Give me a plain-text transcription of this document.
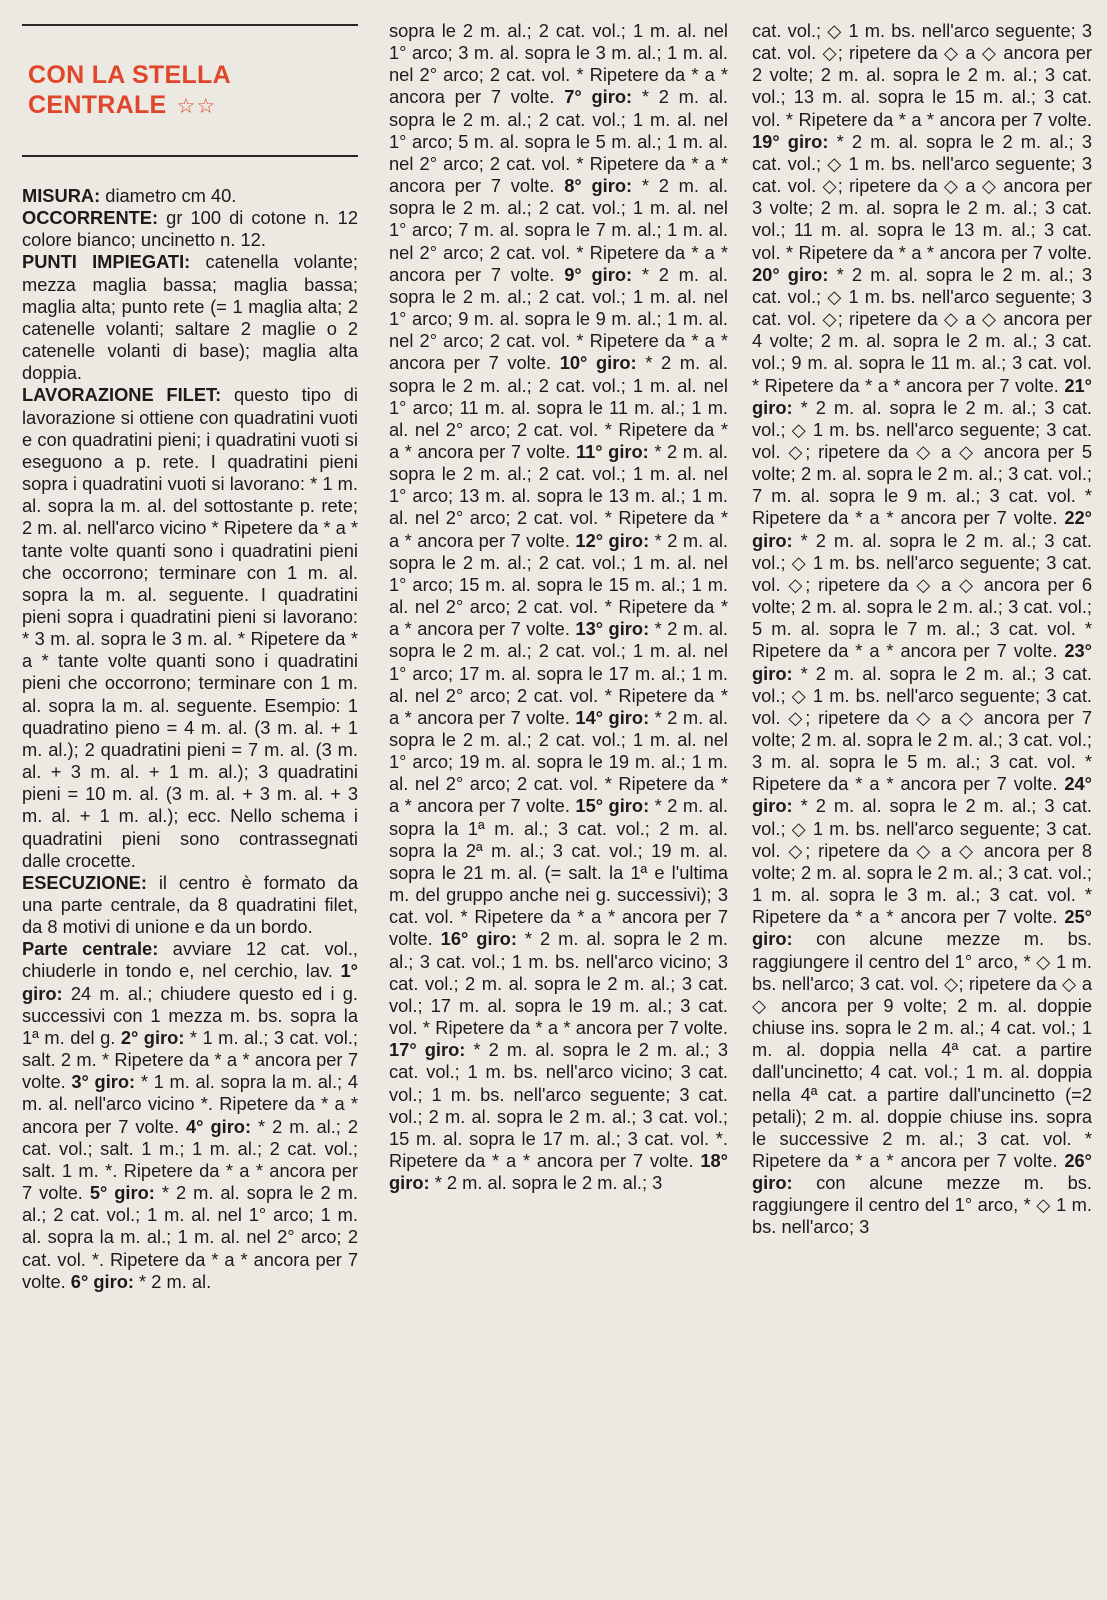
CON LA STELLA
CENTRALE ☆☆

MISURA: diametro cm 40.

OCCORRENTE: gr 100 di cotone n. 12 colore bianco; uncinetto n. 12.

PUNTI IMPIEGATI: catenella volante; mezza maglia bassa; maglia bassa; maglia alta; punto rete (= 1 maglia alta; 2 catenelle volanti; saltare 2 maglie o 2 catenelle volanti di base); maglia alta doppia.

LAVORAZIONE FILET: questo tipo di lavorazione si ottiene con quadratini vuoti e con quadratini pieni; i quadratini vuoti si eseguono a p. rete. I quadratini pieni sopra i quadratini vuoti si lavorano: * 1 m. al. sopra la m. al. del sottostante p. rete; 2 m. al. nell'arco vicino * Ripetere da * a * tante volte quanti sono i quadratini pieni che occorrono; terminare con 1 m. al. sopra la m. al. seguente. I quadratini pieni sopra i quadratini pieni si lavorano: * 3 m. al. sopra le 3 m. al. * Ripetere da * a * tante volte quanti sono i quadratini pieni che occorrono; terminare con 1 m. al. sopra la m. al. seguente. Esempio: 1 quadratino pieno = 4 m. al. (3 m. al. + 1 m. al.); 2 quadratini pieni = 7 m. al. (3 m. al. + 3 m. al. + 1 m. al.); 3 quadratini pieni = 10 m. al. (3 m. al. + 3 m. al. + 3 m. al. + 1 m. al.); ecc. Nello schema i quadratini pieni sono contrassegnati dalle crocette.

ESECUZIONE: il centro è formato da una parte centrale, da 8 quadratini filet, da 8 motivi di unione e da un bordo.

Parte centrale: avviare 12 cat. vol., chiuderle in tondo e, nel cerchio, lav. 1° giro: 24 m. al.; chiudere questo ed i g. successivi con 1 mezza m. bs. sopra la 1ª m. del g. 2° giro: * 1 m. al.; 3 cat. vol.; salt. 2 m. * Ripetere da * a * ancora per 7 volte. 3° giro: * 1 m. al. sopra la m. al.; 4 m. al. nell'arco vicino *. Ripetere da * a * ancora per 7 volte. 4° giro: * 2 m. al.; 2 cat. vol.; salt. 1 m.; 1 m. al.; 2 cat. vol.; salt. 1 m. *. Ripetere da * a * ancora per 7 volte. 5° giro: * 2 m. al. sopra le 2 m. al.; 2 cat. vol.; 1 m. al. nel 1° arco; 1 m. al. sopra la m. al.; 1 m. al. nel 2° arco; 2 cat. vol. *. Ripetere da * a * ancora per 7 volte. 6° giro: * 2 m. al.

sopra le 2 m. al.; 2 cat. vol.; 1 m. al. nel 1° arco; 3 m. al. sopra le 3 m. al.; 1 m. al. nel 2° arco; 2 cat. vol. * Ripetere da * a * ancora per 7 volte. 7° giro: * 2 m. al. sopra le 2 m. al.; 2 cat. vol.; 1 m. al. nel 1° arco; 5 m. al. sopra le 5 m. al.; 1 m. al. nel 2° arco; 2 cat. vol. * Ripetere da * a * ancora per 7 volte. 8° giro: * 2 m. al. sopra le 2 m. al.; 2 cat. vol.; 1 m. al. nel 1° arco; 7 m. al. sopra le 7 m. al.; 1 m. al. nel 2° arco; 2 cat. vol. * Ripetere da * a * ancora per 7 volte. 9° giro: * 2 m. al. sopra le 2 m. al.; 2 cat. vol.; 1 m. al. nel 1° arco; 9 m. al. sopra le 9 m. al.; 1 m. al. nel 2° arco; 2 cat. vol. * Ripetere da * a * ancora per 7 volte. 10° giro: * 2 m. al. sopra le 2 m. al.; 2 cat. vol.; 1 m. al. nel 1° arco; 11 m. al. sopra le 11 m. al.; 1 m. al. nel 2° arco; 2 cat. vol. * Ripetere da * a * ancora per 7 volte. 11° giro: * 2 m. al. sopra le 2 m. al.; 2 cat. vol.; 1 m. al. nel 1° arco; 13 m. al. sopra le 13 m. al.; 1 m. al. nel 2° arco; 2 cat. vol. * Ripetere da * a * ancora per 7 volte. 12° giro: * 2 m. al. sopra le 2 m. al.; 2 cat. vol.; 1 m. al. nel 1° arco; 15 m. al. sopra le 15 m. al.; 1 m. al. nel 2° arco; 2 cat. vol. * Ripetere da * a * ancora per 7 volte. 13° giro: * 2 m. al. sopra le 2 m. al.; 2 cat. vol.; 1 m. al. nel 1° arco; 17 m. al. sopra le 17 m. al.; 1 m. al. nel 2° arco; 2 cat. vol. * Ripetere da * a * ancora per 7 volte. 14° giro: * 2 m. al. sopra le 2 m. al.; 2 cat. vol.; 1 m. al. nel 1° arco; 19 m. al. sopra le 19 m. al.; 1 m. al. nel 2° arco; 2 cat. vol. * Ripetere da * a * ancora per 7 volte. 15° giro: * 2 m. al. sopra la 1ª m. al.; 3 cat. vol.; 2 m. al. sopra la 2ª m. al.; 3 cat. vol.; 19 m. al. sopra le 21 m. al. (= salt. la 1ª e l'ultima m. del gruppo anche nei g. successivi); 3 cat. vol. * Ripetere da * a * ancora per 7 volte. 16° giro: * 2 m. al. sopra le 2 m. al.; 3 cat. vol.; 1 m. bs. nell'arco vicino; 3 cat. vol.; 2 m. al. sopra le 2 m. al.; 3 cat. vol.; 17 m. al. sopra le 19 m. al.; 3 cat. vol. * Ripetere da * a * ancora per 7 volte. 17° giro: * 2 m. al. sopra le 2 m. al.; 3 cat. vol.; 1 m. bs. nell'arco vicino; 3 cat. vol.; 1 m. bs. nell'arco seguente; 3 cat. vol.; 2 m. al. sopra le 2 m. al.; 3 cat. vol.; 15 m. al. sopra le 17 m. al.; 3 cat. vol. *. Ripetere da * a * ancora per 7 volte. 18° giro: * 2 m. al. sopra le 2 m. al.; 3

cat. vol.; ◇ 1 m. bs. nell'arco seguente; 3 cat. vol. ◇; ripetere da ◇ a ◇ ancora per 2 volte; 2 m. al. sopra le 2 m. al.; 3 cat. vol.; 13 m. al. sopra le 15 m. al.; 3 cat. vol. * Ripetere da * a * ancora per 7 volte. 19° giro: * 2 m. al. sopra le 2 m. al.; 3 cat. vol.; ◇ 1 m. bs. nell'arco seguente; 3 cat. vol. ◇; ripetere da ◇ a ◇ ancora per 3 volte; 2 m. al. sopra le 2 m. al.; 3 cat. vol.; 11 m. al. sopra le 13 m. al.; 3 cat. vol. * Ripetere da * a * ancora per 7 volte. 20° giro: * 2 m. al. sopra le 2 m. al.; 3 cat. vol.; ◇ 1 m. bs. nell'arco seguente; 3 cat. vol. ◇; ripetere da ◇ a ◇ ancora per 4 volte; 2 m. al. sopra le 2 m. al.; 3 cat. vol.; 9 m. al. sopra le 11 m. al.; 3 cat. vol. * Ripetere da * a * ancora per 7 volte. 21° giro: * 2 m. al. sopra le 2 m. al.; 3 cat. vol.; ◇ 1 m. bs. nell'arco seguente; 3 cat. vol. ◇; ripetere da ◇ a ◇ ancora per 5 volte; 2 m. al. sopra le 2 m. al.; 3 cat. vol.; 7 m. al. sopra le 9 m. al.; 3 cat. vol. * Ripetere da * a * ancora per 7 volte. 22° giro: * 2 m. al. sopra le 2 m. al.; 3 cat. vol.; ◇ 1 m. bs. nell'arco seguente; 3 cat. vol. ◇; ripetere da ◇ a ◇ ancora per 6 volte; 2 m. al. sopra le 2 m. al.; 3 cat. vol.; 5 m. al. sopra le 7 m. al.; 3 cat. vol. * Ripetere da * a * ancora per 7 volte. 23° giro: * 2 m. al. sopra le 2 m. al.; 3 cat. vol.; ◇ 1 m. bs. nell'arco seguente; 3 cat. vol. ◇; ripetere da ◇ a ◇ ancora per 7 volte; 2 m. al. sopra le 2 m. al.; 3 cat. vol.; 3 m. al. sopra le 5 m. al.; 3 cat. vol. * Ripetere da * a * ancora per 7 volte. 24° giro: * 2 m. al. sopra le 2 m. al.; 3 cat. vol.; ◇ 1 m. bs. nell'arco seguente; 3 cat. vol. ◇; ripetere da ◇ a ◇ ancora per 8 volte; 2 m. al. sopra le 2 m. al.; 3 cat. vol.; 1 m. al. sopra le 3 m. al.; 3 cat. vol. * Ripetere da * a * ancora per 7 volte. 25° giro: con alcune mezze m. bs. raggiungere il centro del 1° arco, * ◇ 1 m. bs. nell'arco; 3 cat. vol. ◇; ripetere da ◇ a ◇ ancora per 9 volte; 2 m. al. doppie chiuse ins. sopra le 2 m. al.; 4 cat. vol.; 1 m. al. doppia nella 4ª cat. a partire dall'uncinetto; 4 cat. vol.; 1 m. al. doppia nella 4ª cat. a partire dall'uncinetto (=2 petali); 2 m. al. doppie chiuse ins. sopra le successive 2 m. al.; 3 cat. vol. * Ripetere da * a * ancora per 7 volte. 26° giro: con alcune mezze m. bs. raggiungere il centro del 1° arco, * ◇ 1 m. bs. nell'arco; 3
